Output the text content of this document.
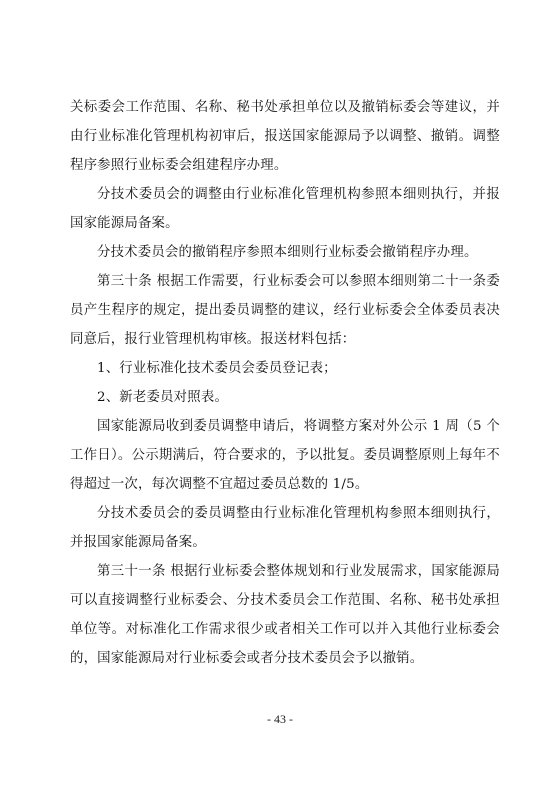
关标委会工作范围、名称、秘书处承担单位以及撤销标委会等建议，并由行业标准化管理机构初审后，报送国家能源局予以调整、撤销。调整程序参照行业标委会组建程序办理。

分技术委员会的调整由行业标准化管理机构参照本细则执行，并报国家能源局备案。

分技术委员会的撤销程序参照本细则行业标委会撤销程序办理。

第三十条 根据工作需要，行业标委会可以参照本细则第二十一条委员产生程序的规定，提出委员调整的建议，经行业标委会全体委员表决同意后，报行业管理机构审核。报送材料包括：

1、行业标准化技术委员会委员登记表；

2、新老委员对照表。

国家能源局收到委员调整申请后，将调整方案对外公示 1 周（5 个工作日）。公示期满后，符合要求的，予以批复。委员调整原则上每年不得超过一次，每次调整不宜超过委员总数的 1/5。

分技术委员会的委员调整由行业标准化管理机构参照本细则执行，并报国家能源局备案。

第三十一条 根据行业标委会整体规划和行业发展需求，国家能源局可以直接调整行业标委会、分技术委员会工作范围、名称、秘书处承担单位等。对标准化工作需求很少或者相关工作可以并入其他行业标委会的，国家能源局对行业标委会或者分技术委员会予以撤销。

- 43 -
